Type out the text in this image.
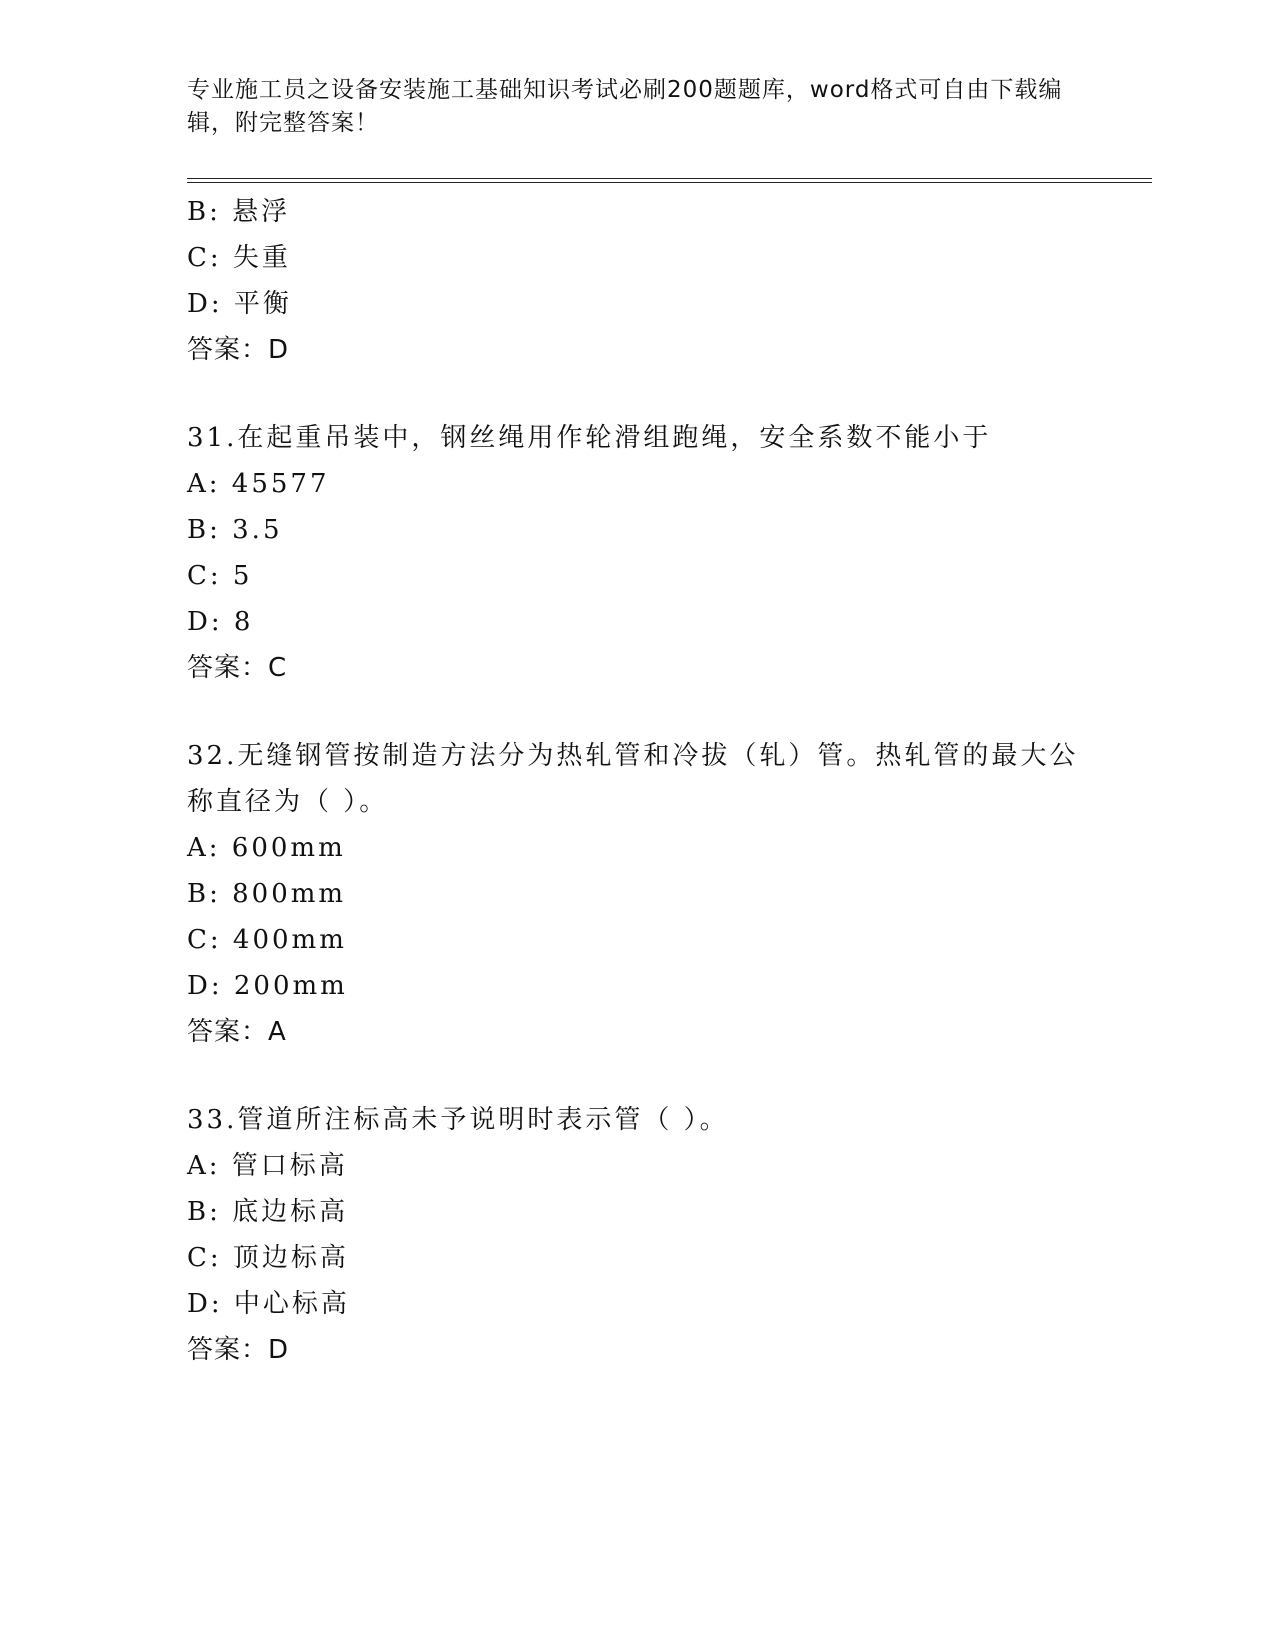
专业施工员之设备安装施工基础知识考试必刷200题题库，word格式可自由下载编辑，附完整答案！
B: 悬浮
C: 失重
D: 平衡
答案：D
31.在起重吊装中，钢丝绳用作轮滑组跑绳，安全系数不能小于
A: 45577
B: 3.5
C: 5
D: 8
答案：C
32.无缝钢管按制造方法分为热轧管和冷拔（轧）管。热轧管的最大公称直径为（ ）。
A: 600mm
B: 800mm
C: 400mm
D: 200mm
答案：A
33.管道所注标高未予说明时表示管（ ）。
A: 管口标高
B: 底边标高
C: 顶边标高
D: 中心标高
答案：D
